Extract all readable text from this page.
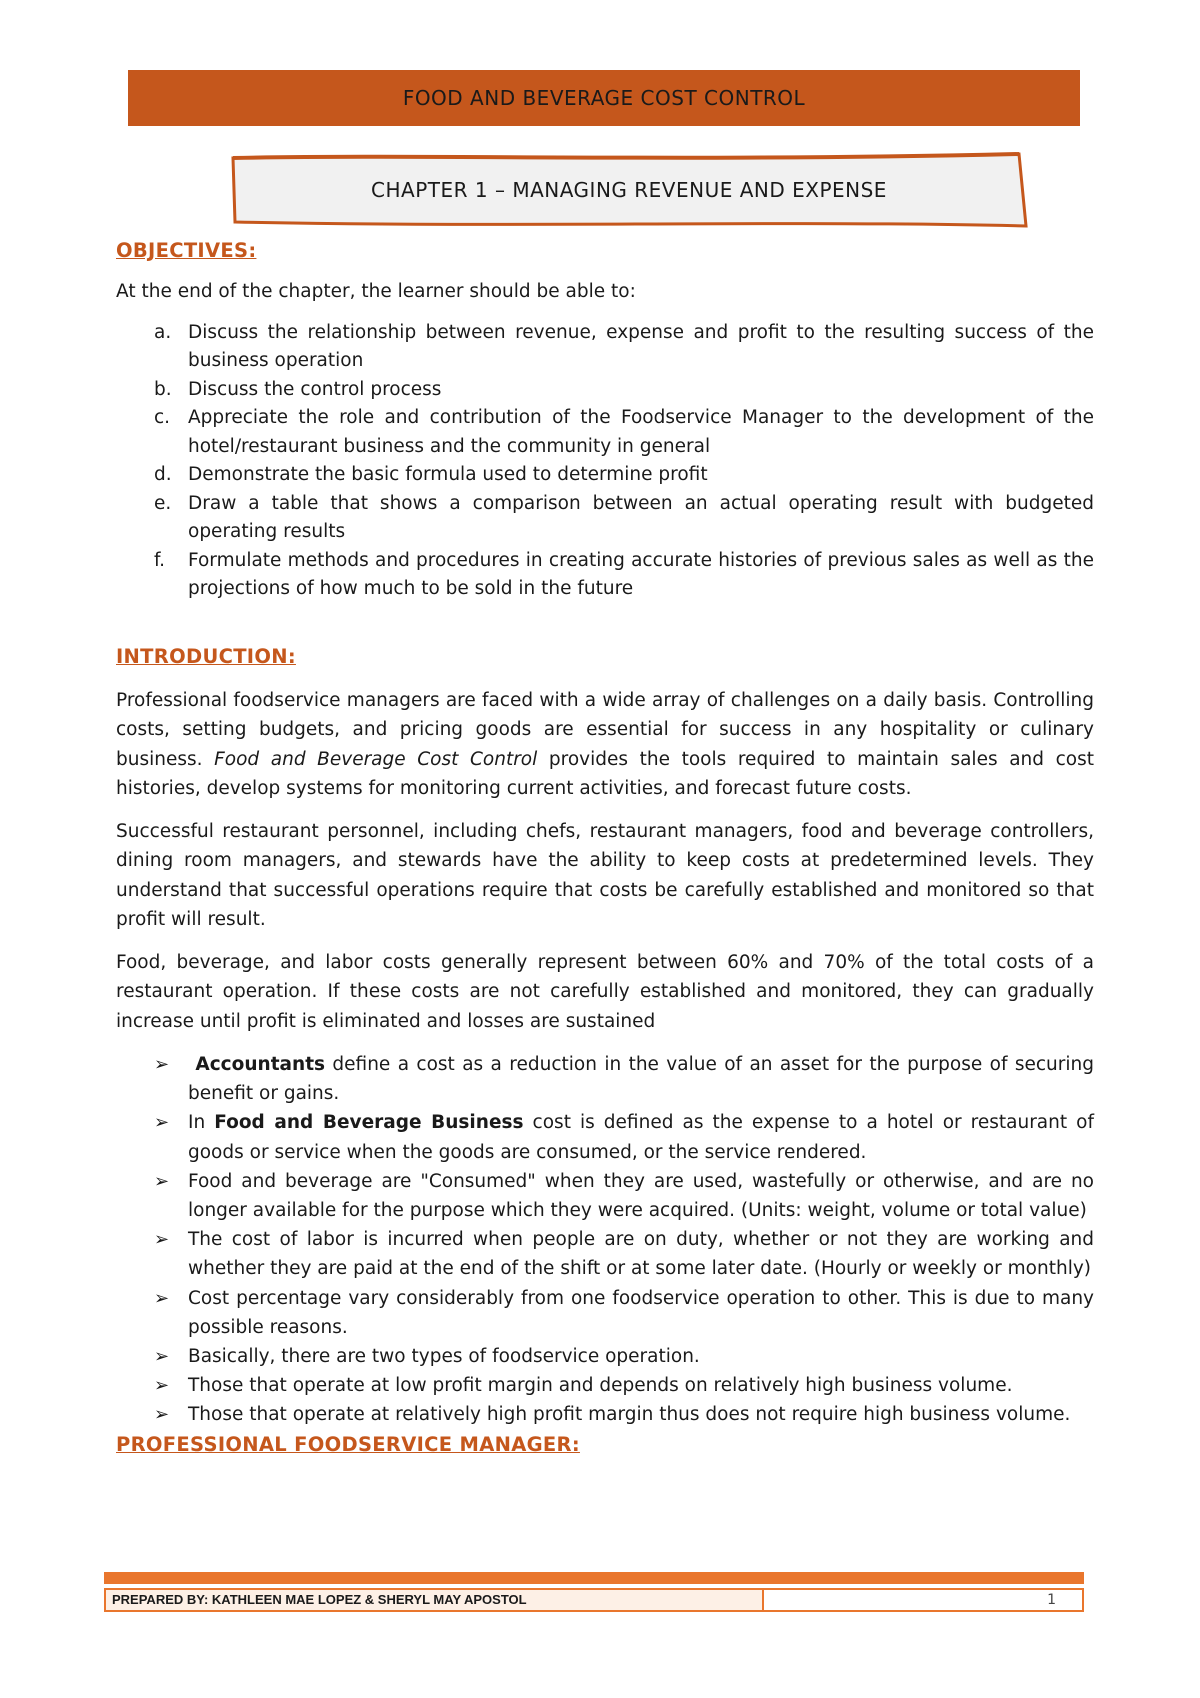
FOOD AND BEVERAGE COST CONTROL
CHAPTER 1 – MANAGING REVENUE AND EXPENSE
OBJECTIVES:

At the end of the chapter, the learner should be able to:

a. Discuss the relationship between revenue, expense and profit to the resulting success of the business operation
b. Discuss the control process
c. Appreciate the role and contribution of the Foodservice Manager to the development of the hotel/restaurant business and the community in general
d. Demonstrate the basic formula used to determine profit
e. Draw a table that shows a comparison between an actual operating result with budgeted operating results
f. Formulate methods and procedures in creating accurate histories of previous sales as well as the projections of how much to be sold in the future
INTRODUCTION:

Professional foodservice managers are faced with a wide array of challenges on a daily basis. Controlling costs, setting budgets, and pricing goods are essential for success in any hospitality or culinary business. Food and Beverage Cost Control provides the tools required to maintain sales and cost histories, develop systems for monitoring current activities, and forecast future costs.

Successful restaurant personnel, including chefs, restaurant managers, food and beverage controllers, dining room managers, and stewards have the ability to keep costs at predetermined levels. They understand that successful operations require that costs be carefully established and monitored so that profit will result.

Food, beverage, and labor costs generally represent between 60% and 70% of the total costs of a restaurant operation. If these costs are not carefully established and monitored, they can gradually increase until profit is eliminated and losses are sustained

➢ Accountants define a cost as a reduction in the value of an asset for the purpose of securing benefit or gains.
➢ In Food and Beverage Business cost is defined as the expense to a hotel or restaurant of goods or service when the goods are consumed, or the service rendered.
➢ Food and beverage are "Consumed" when they are used, wastefully or otherwise, and are no longer available for the purpose which they were acquired. (Units: weight, volume or total value)
➢ The cost of labor is incurred when people are on duty, whether or not they are working and whether they are paid at the end of the shift or at some later date. (Hourly or weekly or monthly)
➢ Cost percentage vary considerably from one foodservice operation to other. This is due to many possible reasons.
➢ Basically, there are two types of foodservice operation.
➢ Those that operate at low profit margin and depends on relatively high business volume.
➢ Those that operate at relatively high profit margin thus does not require high business volume.
PROFESSIONAL FOODSERVICE MANAGER:
PREPARED BY: KATHLEEN MAE LOPEZ & SHERYL MAY APOSTOL	1
